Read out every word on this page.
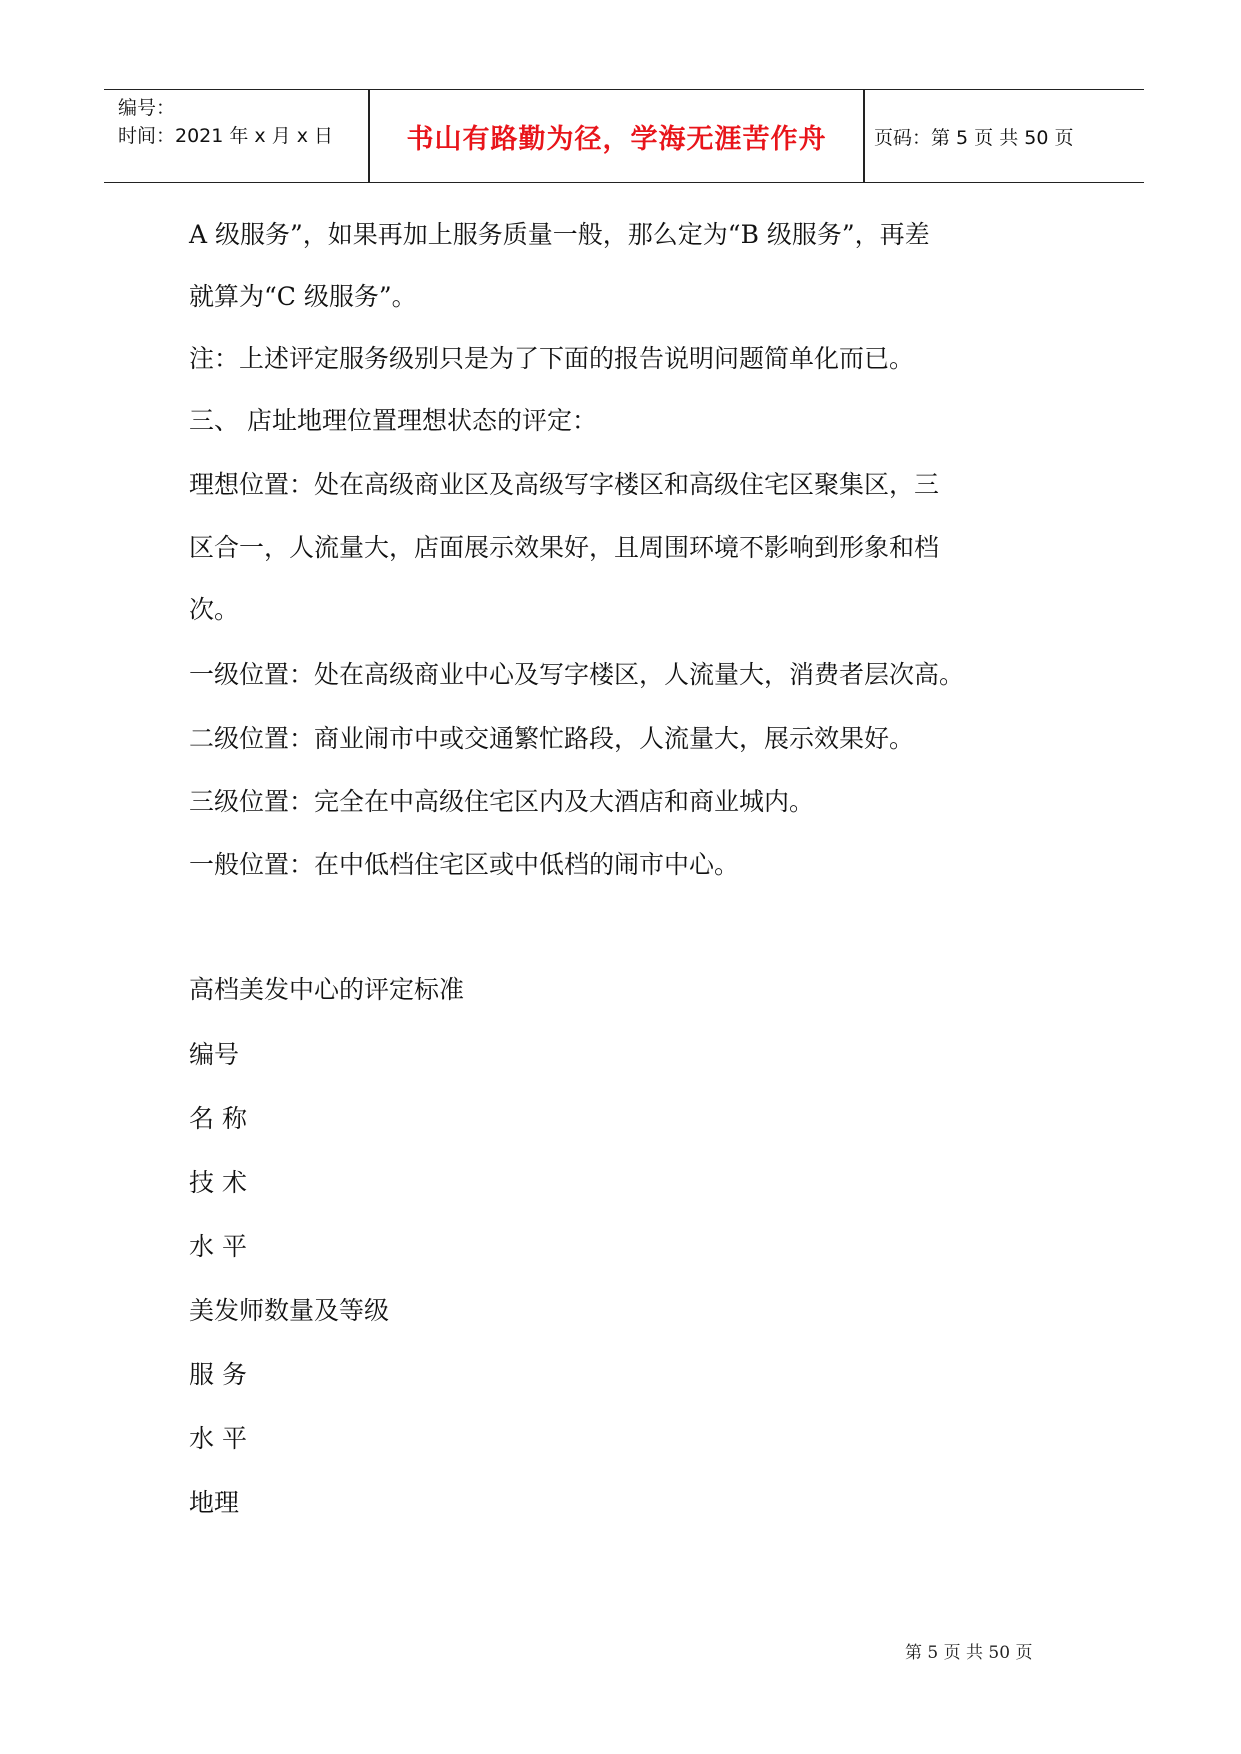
编号：
时间：2021 年 x 月 x 日	书山有路勤为径，学海无涯苦作舟	页码：第 5 页 共 50 页
A 级服务”，如果再加上服务质量一般，那么定为“B 级服务”，再差
就算为“C 级服务”。
注：上述评定服务级别只是为了下面的报告说明问题简单化而已。
三、 店址地理位置理想状态的评定：
理想位置：处在高级商业区及高级写字楼区和高级住宅区聚集区，三
区合一，人流量大，店面展示效果好，且周围环境不影响到形象和档
次。
一级位置：处在高级商业中心及写字楼区，人流量大，消费者层次高。
二级位置：商业闹市中或交通繁忙路段，人流量大，展示效果好。
三级位置：完全在中高级住宅区内及大酒店和商业城内。
一般位置：在中低档住宅区或中低档的闹市中心。
高档美发中心的评定标准
编号
名 称
技 术
水 平
美发师数量及等级
服 务
水 平
地理
第 5 页 共 50 页
